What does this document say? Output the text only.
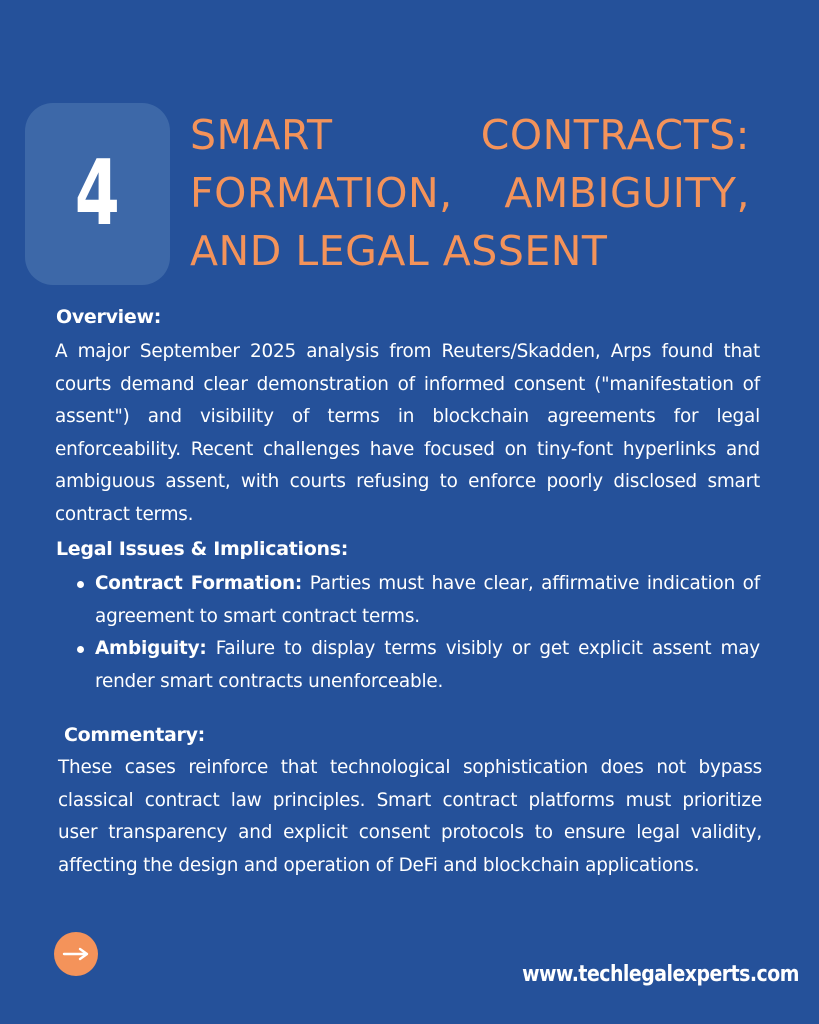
4
SMART CONTRACTS:
FORMATION, AMBIGUITY,
AND LEGAL ASSENT
Overview:

A major September 2025 analysis from Reuters/Skadden, Arps found that courts demand clear demonstration of informed consent ("manifestation of assent") and visibility of terms in blockchain agreements for legal enforceability. Recent challenges have focused on tiny-font hyperlinks and ambiguous assent, with courts refusing to enforce poorly disclosed smart contract terms.

Legal Issues & Implications:
Contract Formation: Parties must have clear, affirmative indication of agreement to smart contract terms.
Ambiguity: Failure to display terms visibly or get explicit assent may render smart contracts unenforceable.
Commentary:

These cases reinforce that technological sophistication does not bypass classical contract law principles. Smart contract platforms must prioritize user transparency and explicit consent protocols to ensure legal validity, affecting the design and operation of DeFi and blockchain applications.

www.techlegalexperts.com
